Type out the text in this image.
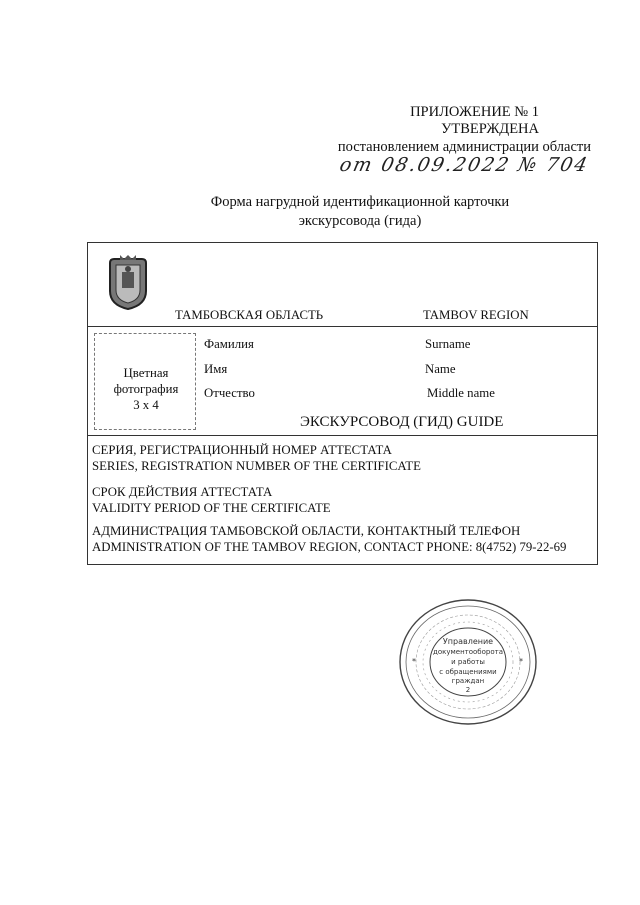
ПРИЛОЖЕНИЕ № 1
УТВЕРЖДЕНА
постановлением администрации области
от 08.09.2022 № 704
Форма нагрудной идентификационной карточки
экскурсовода (гида)
ТАМБОВСКАЯ ОБЛАСТЬ	TAMBOV REGION
Цветная
фотография
3 х 4
Фамилия	Surname
Имя	Name
Отчество	Middle name
ЭКСКУРСОВОД (ГИД) GUIDE
СЕРИЯ, РЕГИСТРАЦИОННЫЙ НОМЕР АТТЕСТАТА
SERIES, REGISTRATION NUMBER OF THE CERTIFICATE
СРОК ДЕЙСТВИЯ АТТЕСТАТА
VALIDITY PERIOD OF THE CERTIFICATE
АДМИНИСТРАЦИЯ ТАМБОВСКОЙ ОБЛАСТИ, КОНТАКТНЫЙ ТЕЛЕФОН
ADMINISTRATION OF THE TAMBOV REGION, CONTACT PHONE: 8(4752) 79-22-69
Управление
документооборота
и работы
с обращениями
граждан
2
*	*
